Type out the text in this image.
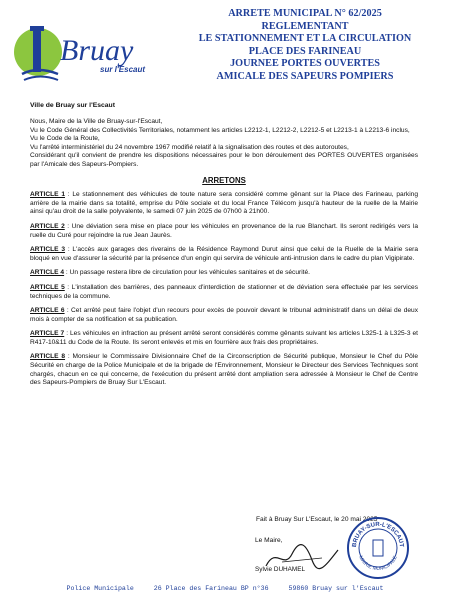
Bruay
sur l'Escaut
ARRETE MUNICIPAL N° 62/2025
REGLEMENTANT
LE STATIONNEMENT ET LA CIRCULATION
PLACE DES FARINEAU
JOURNEE PORTES OUVERTES
AMICALE DES SAPEURS POMPIERS
Ville de Bruay sur l'Escaut

Nous, Maire de la Ville de Bruay-sur-l'Escaut,

Vu le Code Général des Collectivités Territoriales, notamment les articles L2212-1, L2212-2, L2212-5 et L2213-1 à L2213-6 inclus,

Vu le Code de la Route,

Vu l'arrêté interministériel du 24 novembre 1967 modifié relatif à la signalisation des routes et des autoroutes,

Considérant qu'il convient de prendre les dispositions nécessaires pour le bon déroulement des PORTES OUVERTES organisées par l'Amicale des Sapeurs-Pompiers.

ARRETONS

ARTICLE 1 : Le stationnement des véhicules de toute nature sera considéré comme gênant sur la Place des Farineau, parking arrière de la mairie dans sa totalité, emprise du Pôle sociale et du local France Télécom jusqu'à hauteur de la ruelle de la Mairie ainsi qu'au droit de la salle polyvalente, le samedi 07 juin 2025 de 07h00 à 21h00.

ARTICLE 2 : Une déviation sera mise en place pour les véhicules en provenance de la rue Blanchart. Ils seront redirigés vers la ruelle du Curé pour rejoindre la rue Jean Jaurès.

ARTICLE 3 : L'accès aux garages des riverains de la Résidence Raymond Durut ainsi que celui de la Ruelle de la Mairie sera bloqué en vue d'assurer la sécurité par la présence d'un engin qui servira de véhicule anti-intrusion dans le cadre du plan Vigipirate.

ARTICLE 4 : Un passage restera libre de circulation pour les véhicules sanitaires et de sécurité.

ARTICLE 5 : L'installation des barrières, des panneaux d'interdiction de stationner et de déviation sera effectuée par les services techniques de la commune.

ARTICLE 6 : Cet arrêté peut faire l'objet d'un recours pour excès de pouvoir devant le tribunal administratif dans un délai de deux mois à compter de sa notification et sa publication.

ARTICLE 7 : Les véhicules en infraction au présent arrêté seront considérés comme gênants suivant les articles L325-1 à L325-3 et R417-10&11 du Code de la Route. Ils seront enlevés et mis en fourrière aux frais des propriétaires.

ARTICLE 8 : Monsieur le Commissaire Divisionnaire Chef de la Circonscription de Sécurité publique, Monsieur le Chef du Pôle Sécurité en charge de la Police Municipale et de la brigade de l'Environnement, Monsieur le Directeur des Services Techniques sont chargés, chacun en ce qui concerne, de l'exécution du présent arrêté dont ampliation sera adressée à Monsieur le Chef de Centre des Sapeurs-Pompiers de Bruay Sur L'Escaut.

Fait à Bruay Sur L'Escaut, le 20 mai 2025
Le Maire,
Sylvie DUHAMEL
BRUAY-SUR-L'ESCAUT
MAIRIE MUNICIPALE
Police Municipale	26 Place des Farineau BP n°36	59860 Bruay sur l'Escaut
